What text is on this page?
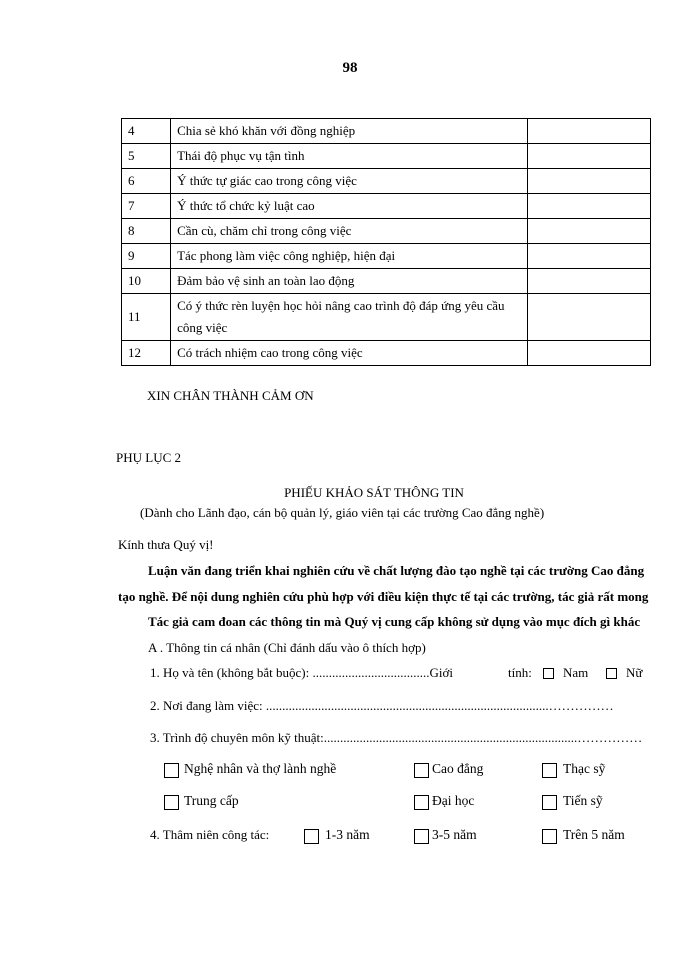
98
4	Chia sẻ khó khăn với đồng nghiệp	
5	Thái độ phục vụ tận tình	
6	Ý thức tự giác cao trong công việc	
7	Ý thức tổ chức kỷ luật cao	
8	Cần cù, chăm chỉ trong công việc	
9	Tác phong làm việc công nghiệp, hiện đại	
10	Đảm bảo vệ sinh an toàn lao động	
11	Có ý thức rèn luyện học hỏi nâng cao trình độ đáp ứng yêu cầu công việc	
12	Có trách nhiệm cao trong công việc	
XIN CHÂN THÀNH CẢM ƠN
PHỤ LỤC 2
PHIẾU KHẢO SÁT THÔNG TIN
(Dành cho Lãnh đạo, cán bộ quản lý, giáo viên tại các trường Cao đẳng nghề)
Kính thưa Quý vị!
Luận văn đang triển khai nghiên cứu về chất lượng đào tạo nghề tại các trường Cao đẳng
tạo nghề. Để nội dung nghiên cứu phù hợp với điều kiện thực tế tại các trường, tác giả rất mong
Tác giả cam đoan các thông tin mà Quý vị cung cấp không sử dụng vào mục đích gì khác
A . Thông tin cá nhân (Chỉ đánh dấu vào ô thích hợp)
1. Họ và tên (không bắt buộc): ....................................Giới	tính: Nam	Nữ
2. Nơi đang làm việc: .......................................................................................……………
3. Trình độ chuyên môn kỹ thuật:..............................................................................……………
Nghệ nhân và thợ lành nghề	Cao đẳng	Thạc sỹ
Trung cấp	Đại học	Tiến sỹ
4. Thâm niên công tác:	1-3 năm	3-5 năm	Trên 5 năm
